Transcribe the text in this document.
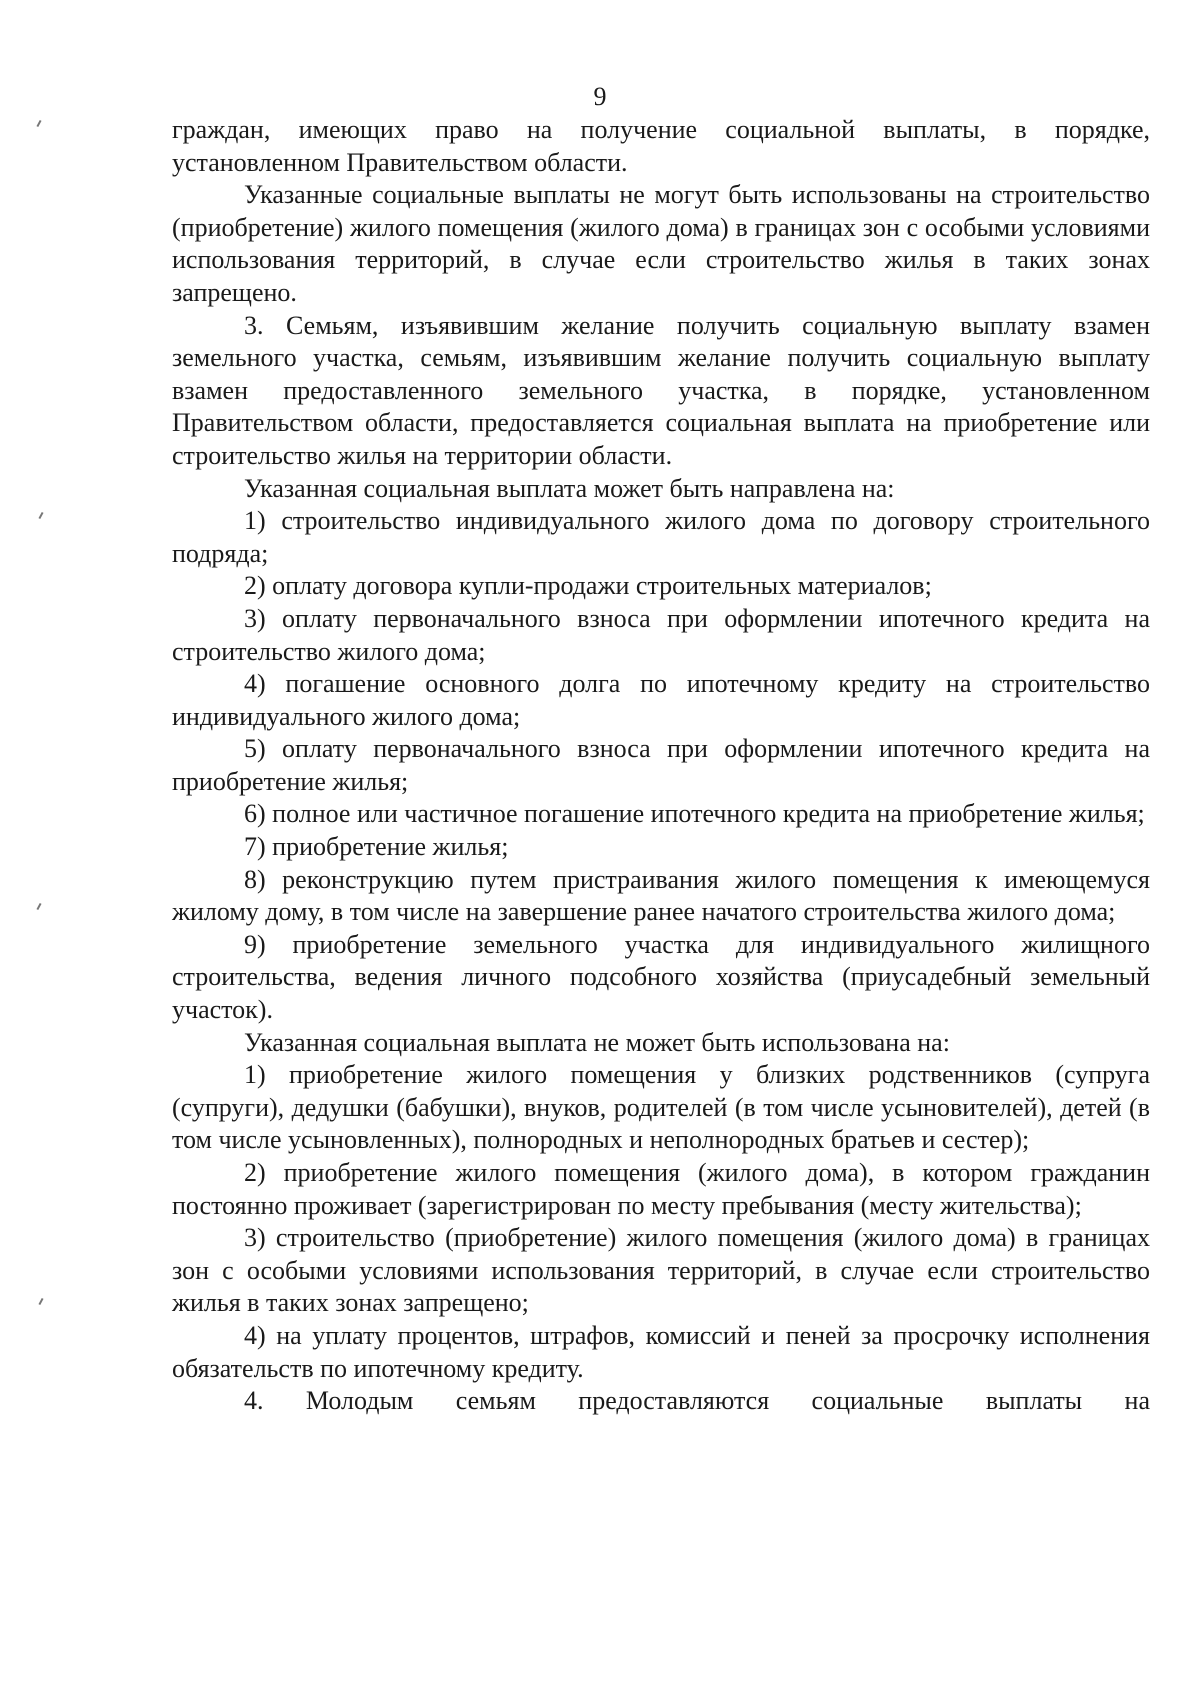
9

граждан, имеющих право на получение социальной выплаты, в порядке, установленном Правительством области.

Указанные социальные выплаты не могут быть использованы на строительство (приобретение) жилого помещения (жилого дома) в границах зон с особыми условиями использования территорий, в случае если строительство жилья в таких зонах запрещено.

3. Семьям, изъявившим желание получить социальную выплату взамен земельного участка, семьям, изъявившим желание получить социальную выплату взамен предоставленного земельного участка, в порядке, установленном Правительством области, предоставляется социальная выплата на приобретение или строительство жилья на территории области.

Указанная социальная выплата может быть направлена на:

1) строительство индивидуального жилого дома по договору строительного подряда;

2) оплату договора купли-продажи строительных материалов;

3) оплату первоначального взноса при оформлении ипотечного кредита на строительство жилого дома;

4) погашение основного долга по ипотечному кредиту на строительство индивидуального жилого дома;

5) оплату первоначального взноса при оформлении ипотечного кредита на приобретение жилья;

6) полное или частичное погашение ипотечного кредита на приобретение жилья;

7) приобретение жилья;

8) реконструкцию путем пристраивания жилого помещения к имеющемуся жилому дому, в том числе на завершение ранее начатого строительства жилого дома;

9) приобретение земельного участка для индивидуального жилищного строительства, ведения личного подсобного хозяйства (приусадебный земельный участок).

Указанная социальная выплата не может быть использована на:

1) приобретение жилого помещения у близких родственников (супруга (супруги), дедушки (бабушки), внуков, родителей (в том числе усыновителей), детей (в том числе усыновленных), полнородных и неполнородных братьев и сестер);

2) приобретение жилого помещения (жилого дома), в котором гражданин постоянно проживает (зарегистрирован по месту пребывания (месту жительства);

3) строительство (приобретение) жилого помещения (жилого дома) в границах зон с особыми условиями использования территорий, в случае если строительство жилья в таких зонах запрещено;

4) на уплату процентов, штрафов, комиссий и пеней за просрочку исполнения обязательств по ипотечному кредиту.

4. Молодым семьям предоставляются социальные выплаты на
